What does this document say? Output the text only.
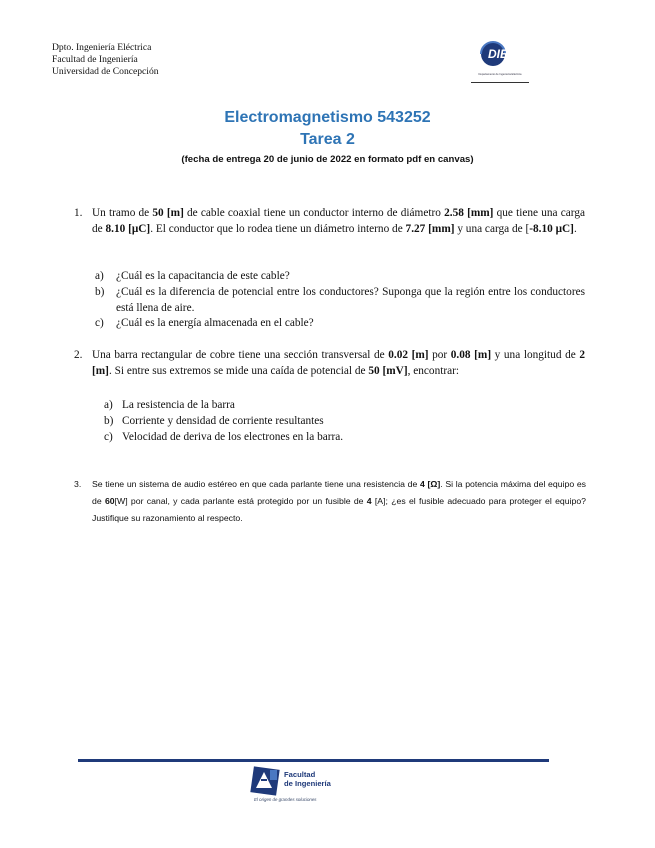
Dpto. Ingeniería Eléctrica
Facultad de Ingeniería
Universidad de Concepción
DIE
Departamento de Ingeniería Eléctrica
Electromagnetismo 543252
Tarea 2
(fecha de entrega 20 de junio de 2022 en formato pdf en canvas)
1. Un tramo de 50 [m] de cable coaxial tiene un conductor interno de diámetro 2.58 [mm] que tiene una carga de 8.10 [μC]. El conductor que lo rodea tiene un diámetro interno de 7.27 [mm] y una carga de [-8.10 μC].
a) ¿Cuál es la capacitancia de este cable?
b) ¿Cuál es la diferencia de potencial entre los conductores? Suponga que la región entre los conductores está llena de aire.
c) ¿Cuál es la energía almacenada en el cable?
2. Una barra rectangular de cobre tiene una sección transversal de 0.02 [m] por 0.08 [m] y una longitud de 2 [m]. Si entre sus extremos se mide una caída de potencial de 50 [mV], encontrar:
a) La resistencia de la barra
b) Corriente y densidad de corriente resultantes
c) Velocidad de deriva de los electrones en la barra.
3. Se tiene un sistema de audio estéreo en que cada parlante tiene una resistencia de 4 [Ω]. Si la potencia máxima del equipo es de 60[W] por canal, y cada parlante está protegido por un fusible de 4 [A]; ¿es el fusible adecuado para proteger el equipo? Justifique su razonamiento al respecto.
Facultad
de Ingeniería
El origen de grandes soluciones
